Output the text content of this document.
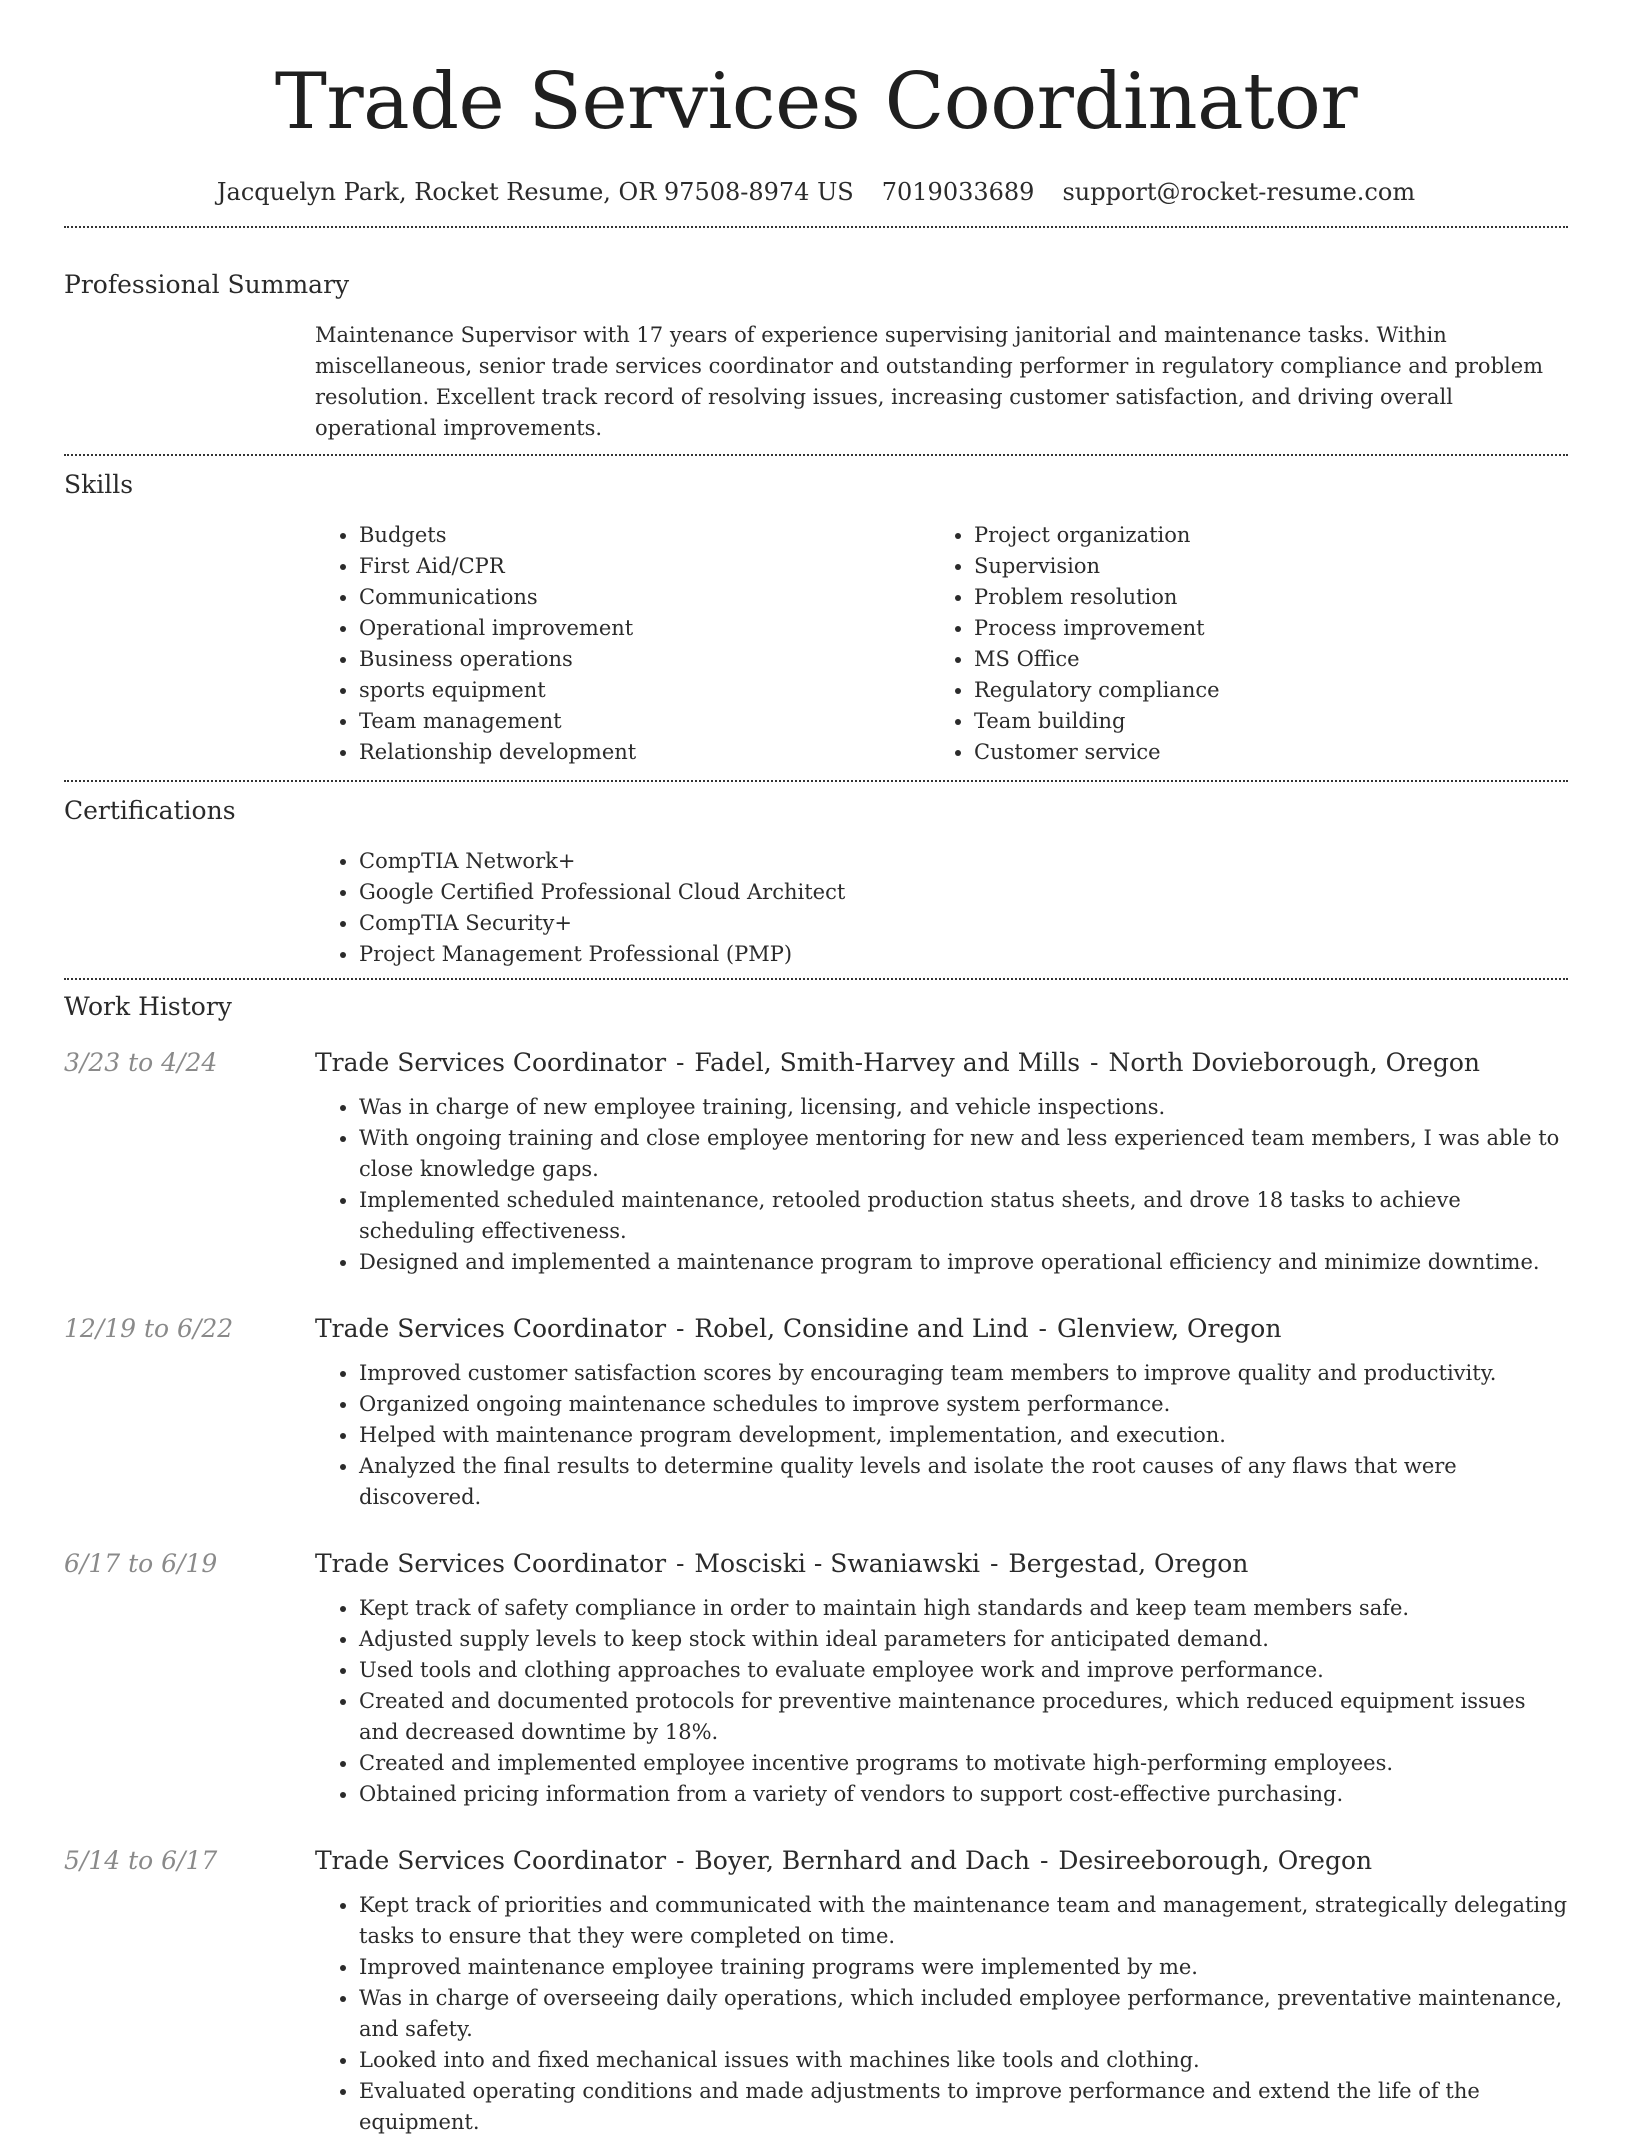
Trade Services Coordinator
Jacquelyn Park, Rocket Resume, OR 97508-8974 US 7019033689 support@rocket-resume.com
Professional Summary
Maintenance Supervisor with 17 years of experience supervising janitorial and maintenance tasks. Within miscellaneous, senior trade services coordinator and outstanding performer in regulatory compliance and problem resolution. Excellent track record of resolving issues, increasing customer satisfaction, and driving overall operational improvements.
Skills
• Budgets
• First Aid/CPR
• Communications
• Operational improvement
• Business operations
• sports equipment
• Team management
• Relationship development
• Project organization
• Supervision
• Problem resolution
• Process improvement
• MS Office
• Regulatory compliance
• Team building
• Customer service
Certifications
• CompTIA Network+
• Google Certified Professional Cloud Architect
• CompTIA Security+
• Project Management Professional (PMP)
Work History
3/23 to 4/24	Trade Services Coordinator - Fadel, Smith-Harvey and Mills - North Dovieborough, Oregon
• Was in charge of new employee training, licensing, and vehicle inspections.
• With ongoing training and close employee mentoring for new and less experienced team members, I was able to close knowledge gaps.
• Implemented scheduled maintenance, retooled production status sheets, and drove 18 tasks to achieve scheduling effectiveness.
• Designed and implemented a maintenance program to improve operational efficiency and minimize downtime.
12/19 to 6/22	Trade Services Coordinator - Robel, Considine and Lind - Glenview, Oregon
• Improved customer satisfaction scores by encouraging team members to improve quality and productivity.
• Organized ongoing maintenance schedules to improve system performance.
• Helped with maintenance program development, implementation, and execution.
• Analyzed the final results to determine quality levels and isolate the root causes of any flaws that were discovered.
6/17 to 6/19	Trade Services Coordinator - Mosciski - Swaniawski - Bergestad, Oregon
• Kept track of safety compliance in order to maintain high standards and keep team members safe.
• Adjusted supply levels to keep stock within ideal parameters for anticipated demand.
• Used tools and clothing approaches to evaluate employee work and improve performance.
• Created and documented protocols for preventive maintenance procedures, which reduced equipment issues and decreased downtime by 18%.
• Created and implemented employee incentive programs to motivate high-performing employees.
• Obtained pricing information from a variety of vendors to support cost-effective purchasing.
5/14 to 6/17	Trade Services Coordinator - Boyer, Bernhard and Dach - Desireeborough, Oregon
• Kept track of priorities and communicated with the maintenance team and management, strategically delegating tasks to ensure that they were completed on time.
• Improved maintenance employee training programs were implemented by me.
• Was in charge of overseeing daily operations, which included employee performance, preventative maintenance, and safety.
• Looked into and fixed mechanical issues with machines like tools and clothing.
• Evaluated operating conditions and made adjustments to improve performance and extend the life of the equipment.
